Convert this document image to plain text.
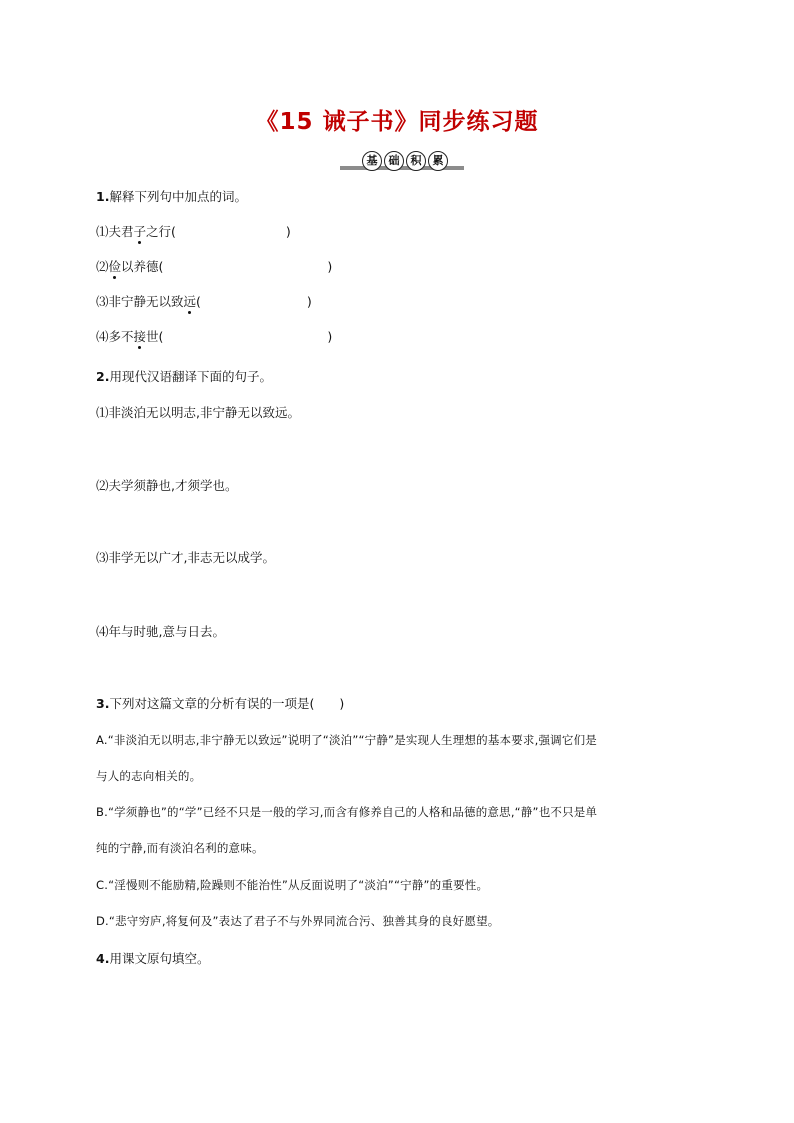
《15 诫子书》同步练习题
基	础	积	累
1.解释下列句中加点的词。
⑴夫君子之行(	)
⑵俭以养德(	)
⑶非宁静无以致远(	)
⑷多不接世(	)
2.用现代汉语翻译下面的句子。
⑴非淡泊无以明志,非宁静无以致远。
⑵夫学须静也,才须学也。
⑶非学无以广才,非志无以成学。
⑷年与时驰,意与日去。
3.下列对这篇文章的分析有误的一项是(　　)
A.“非淡泊无以明志,非宁静无以致远”说明了“淡泊”“宁静”是实现人生理想的基本要求,强调它们是
与人的志向相关的。
B.“学须静也”的“学”已经不只是一般的学习,而含有修养自己的人格和品德的意思,“静”也不只是单
纯的宁静,而有淡泊名利的意味。
C.“淫慢则不能励精,险躁则不能治性”从反面说明了“淡泊”“宁静”的重要性。
D.“悲守穷庐,将复何及”表达了君子不与外界同流合污、独善其身的良好愿望。
4.用课文原句填空。
